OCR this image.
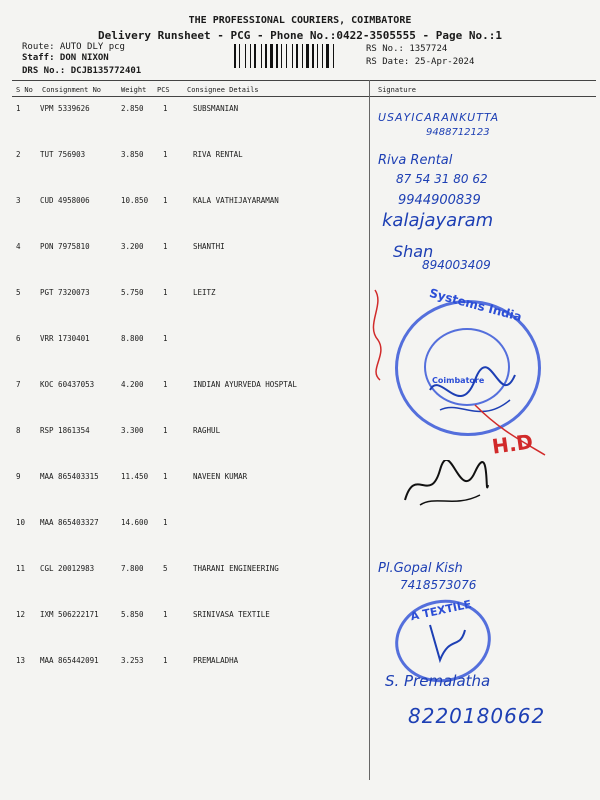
THE PROFESSIONAL COURIERS, COIMBATORE
Delivery Runsheet - PCG - Phone No.:0422-3505555 - Page No.:1
Route: AUTO DLY pcg
Staff: DON NIXON
DRS No.: DCJB135772401
RS No.: 1357724
RS Date: 25-Apr-2024
S No Consignment No	Weight PCS Consignee Details	Signature
1	VPM 5339626	2.850	1	SUBSMANIAN
2	TUT 756903	3.850	1	RIVA RENTAL
3	CUD 4958006	10.850 1	KALA VATHIJAYARAMAN
4	PON 7975810	3.200	1	SHANTHI
5	PGT 7320073	5.750	1	LEITZ
6	VRR 1730401	8.800	1
7	KOC 60437053	4.200	1	INDIAN AYURVEDA HOSPTAL
8	RSP 1861354	3.300	1	RAGHUL
9	MAA 865403315	11.450 1	NAVEEN KUMAR
10 MAA 865403327	14.600 1
11 CGL 20012983	7.800	5	THARANI ENGINEERING
12 IXM 506222171	5.850	1	SRINIVASA TEXTILE
13 MAA 865442091	3.253	1	PREMALADHA
USAYICARANKUTTA
9488712123
Riva Rental
87 54 31 80 62
9944900839
kalajayaram
Shan
894003409
Systems India
Coimbatore
H.D
Pl.Gopal Kish
7418573076
A TEXTILE
S. Premalatha
8220180662
